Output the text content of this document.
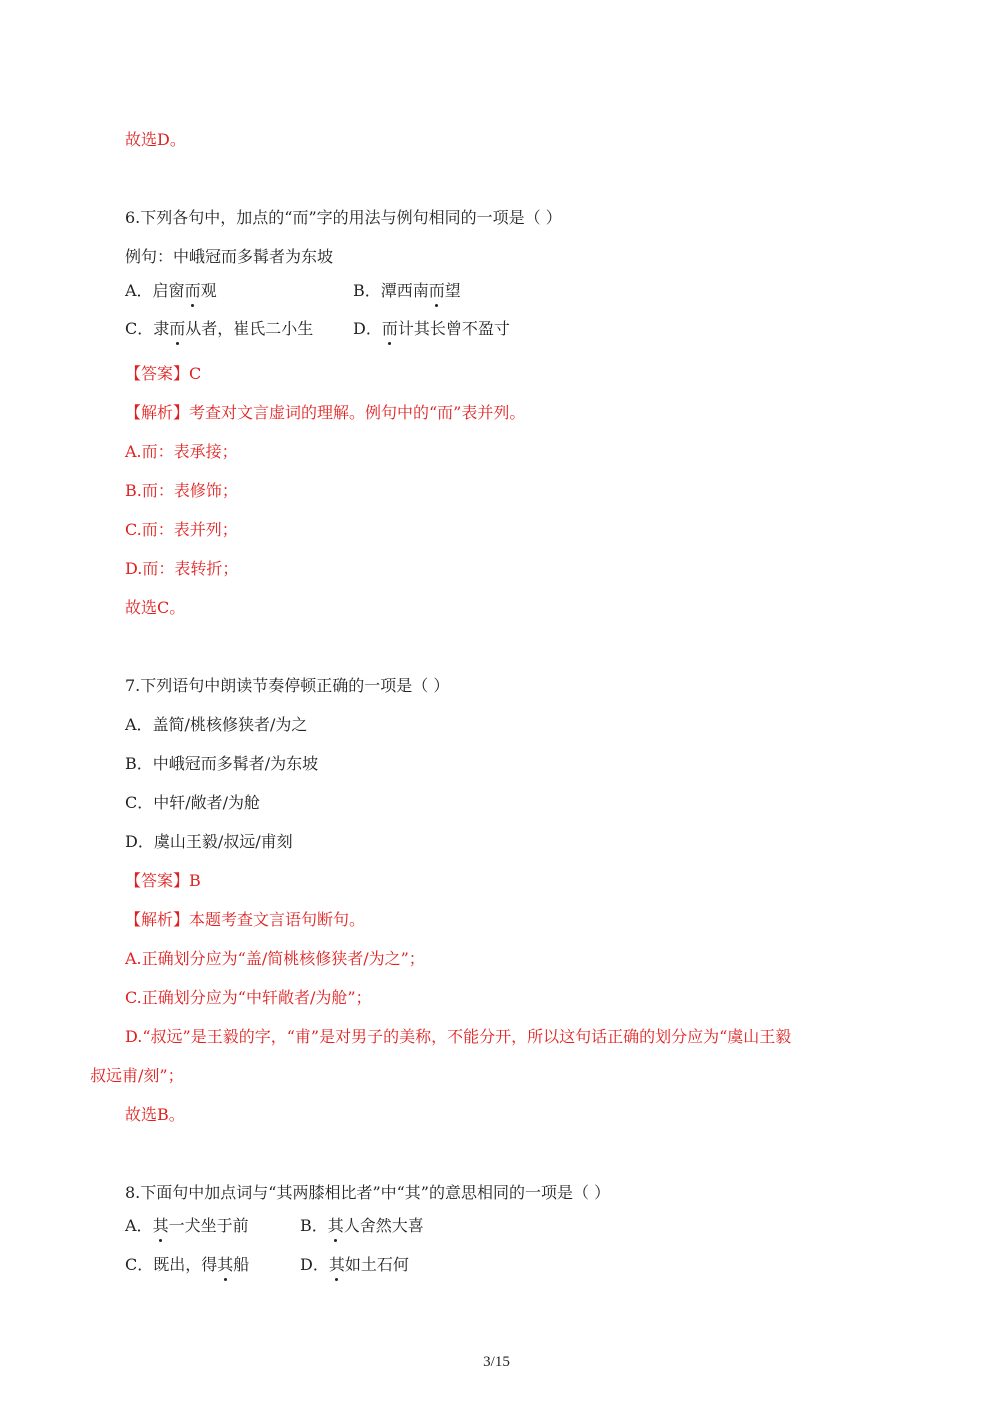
故选D。
6.下列各句中，加点的“而”字的用法与例句相同的一项是（ ）
例句：中峨冠而多髯者为东坡
A．启窗而观	B．潭西南而望
C．隶而从者，崔氏二小生 D．而计其长曾不盈寸
【答案】C
【解析】考查对文言虚词的理解。例句中的“而”表并列。
A.而：表承接；
B.而：表修饰；
C.而：表并列；
D.而：表转折；
故选C。
7.下列语句中朗读节奏停顿正确的一项是（ ）
A．盖简/桃核修狭者/为之
B．中峨冠而多髯者/为东坡
C．中轩/敞者/为舱
D．虞山王毅/叔远/甫刻
【答案】B
【解析】本题考查文言语句断句。
A.正确划分应为“盖/简桃核修狭者/为之”；
C.正确划分应为“中轩敞者/为舱”；
D.“叔远”是王毅的字，“甫”是对男子的美称，不能分开，所以这句话正确的划分应为“虞山王毅
叔远甫/刻”；
故选B。
8.下面句中加点词与“其两膝相比者”中“其”的意思相同的一项是（ ）
A．其一犬坐于前	B．其人舍然大喜
C．既出，得其船	D．其如土石何
3/15
